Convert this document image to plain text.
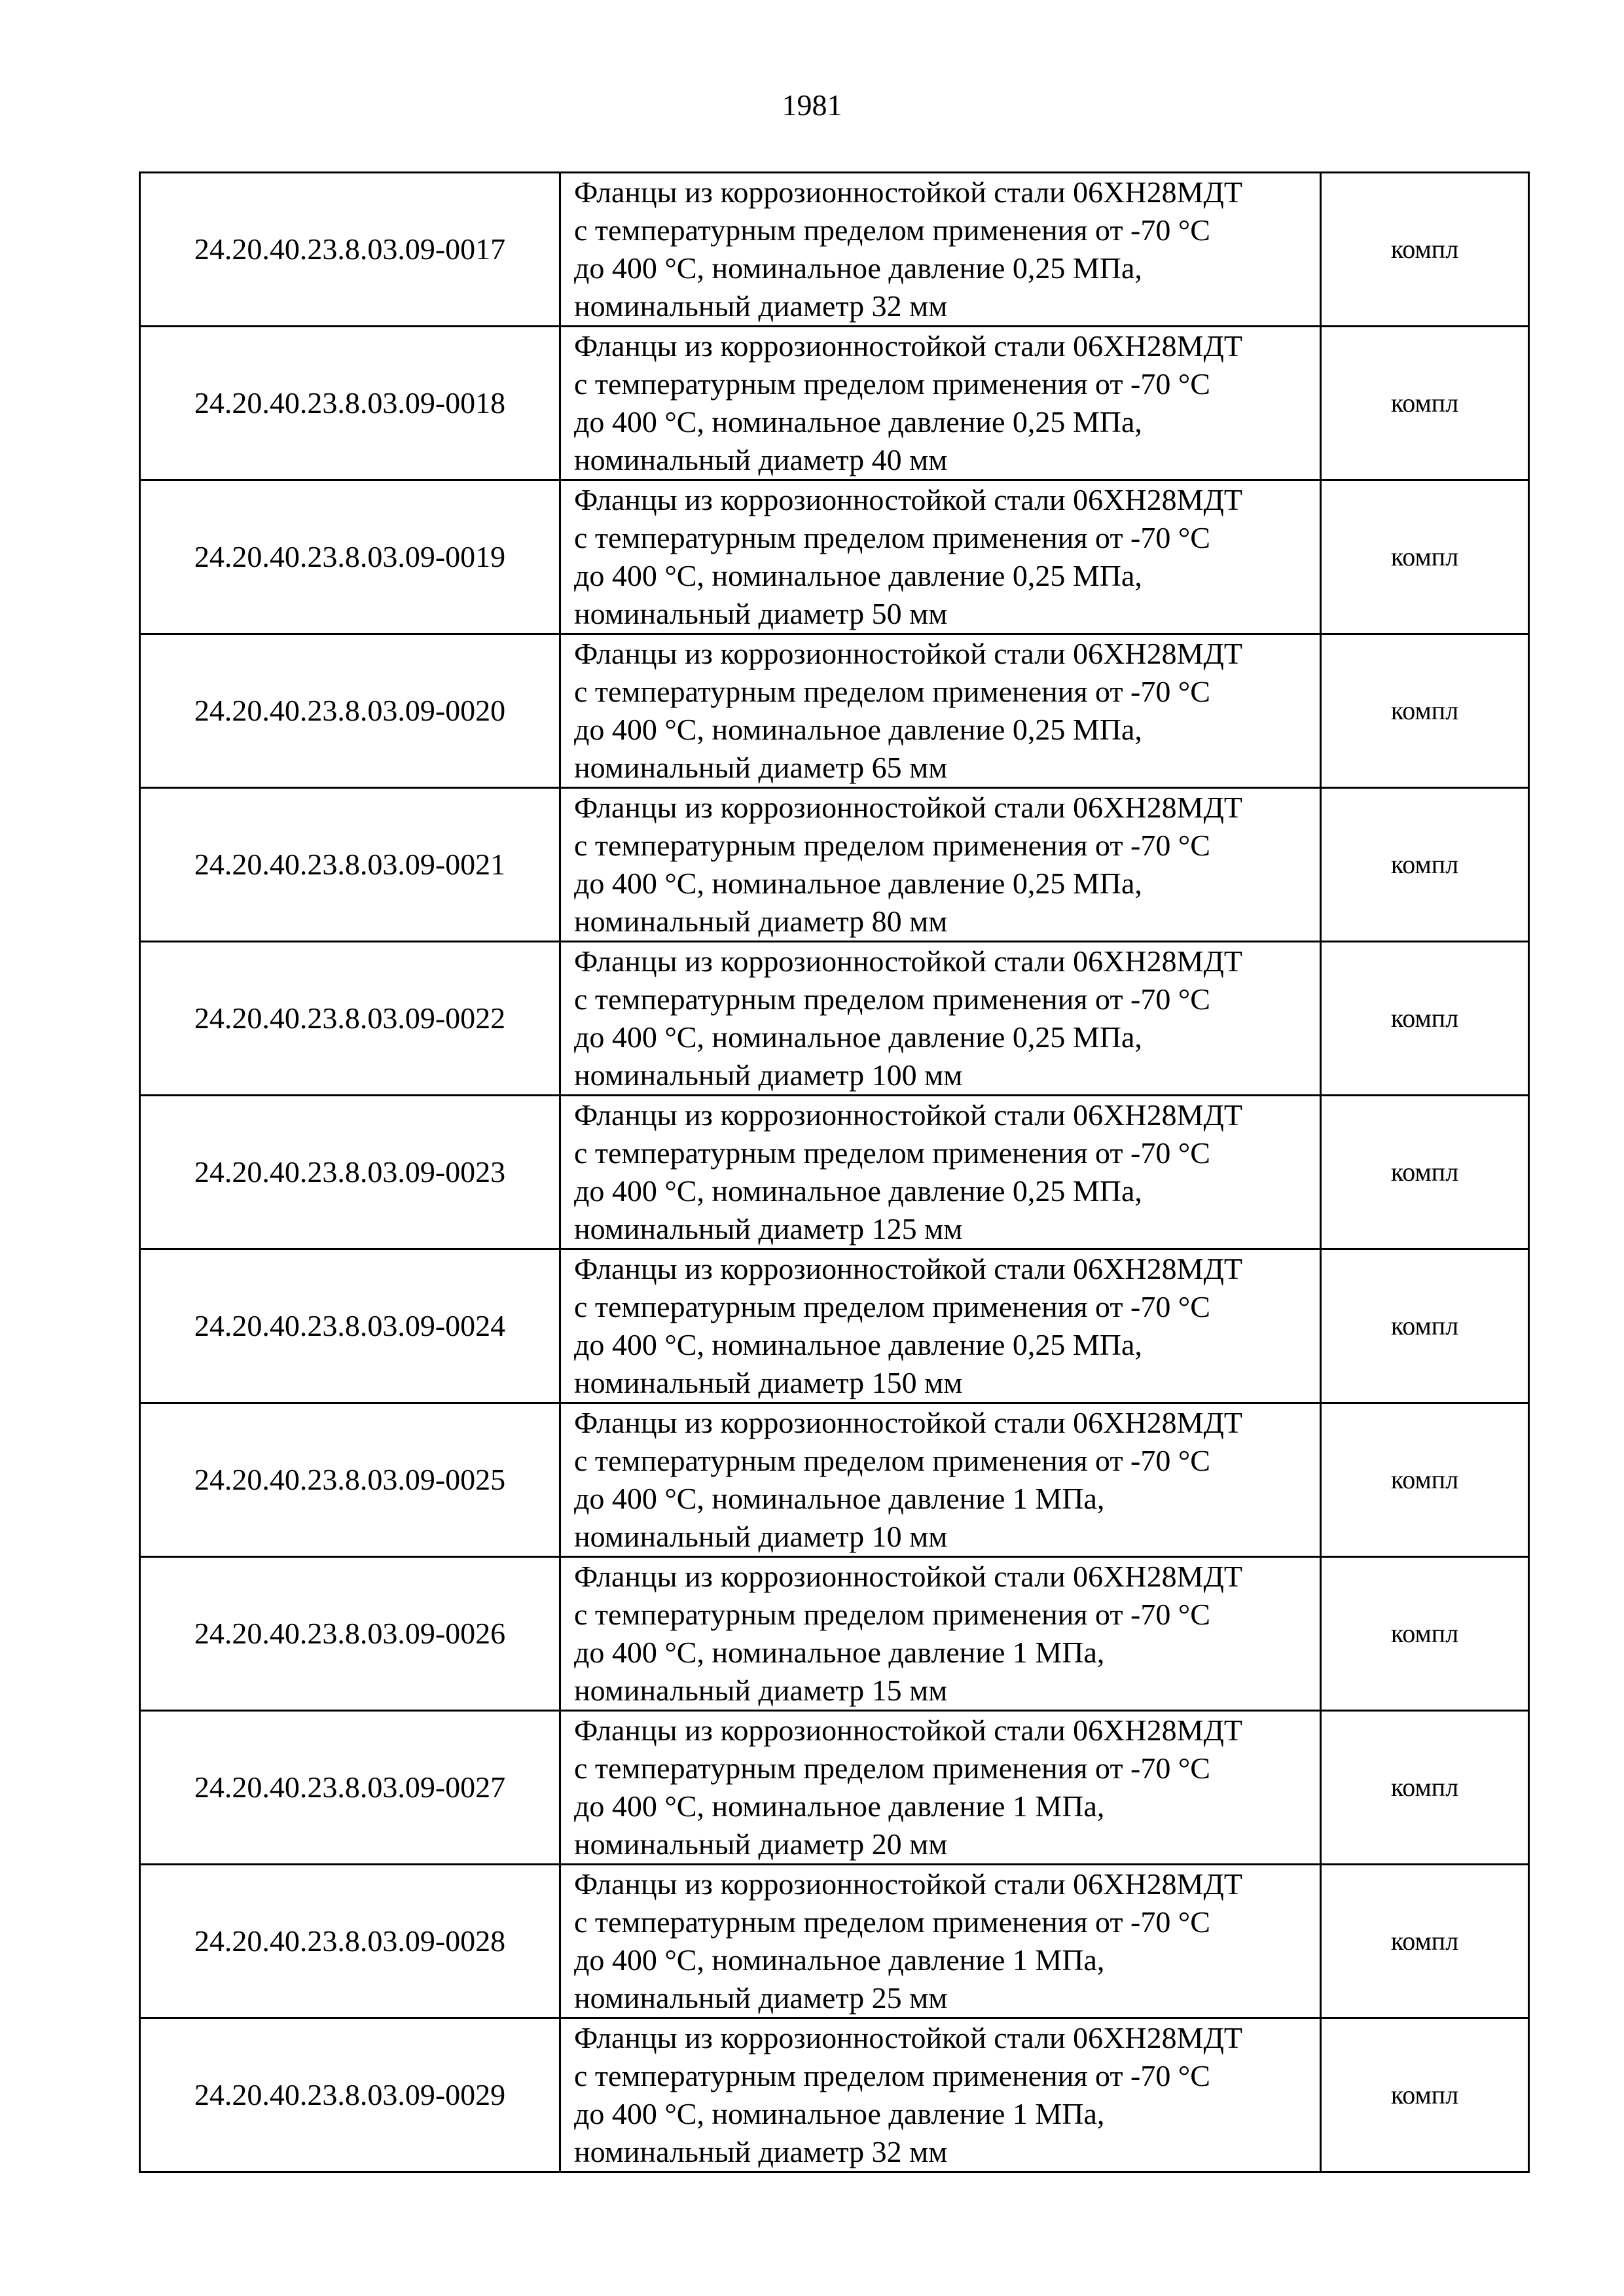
1981
24.20.40.23.8.03.09-0017	Фланцы из коррозионностойкой стали 06ХН28МДТ
с температурным пределом применения от -70 °C
до 400 °C, номинальное давление 0,25 МПа,
номинальный диаметр 32 мм	компл
24.20.40.23.8.03.09-0018	Фланцы из коррозионностойкой стали 06ХН28МДТ
с температурным пределом применения от -70 °C
до 400 °C, номинальное давление 0,25 МПа,
номинальный диаметр 40 мм	компл
24.20.40.23.8.03.09-0019	Фланцы из коррозионностойкой стали 06ХН28МДТ
с температурным пределом применения от -70 °C
до 400 °C, номинальное давление 0,25 МПа,
номинальный диаметр 50 мм	компл
24.20.40.23.8.03.09-0020	Фланцы из коррозионностойкой стали 06ХН28МДТ
с температурным пределом применения от -70 °C
до 400 °C, номинальное давление 0,25 МПа,
номинальный диаметр 65 мм	компл
24.20.40.23.8.03.09-0021	Фланцы из коррозионностойкой стали 06ХН28МДТ
с температурным пределом применения от -70 °C
до 400 °C, номинальное давление 0,25 МПа,
номинальный диаметр 80 мм	компл
24.20.40.23.8.03.09-0022	Фланцы из коррозионностойкой стали 06ХН28МДТ
с температурным пределом применения от -70 °C
до 400 °C, номинальное давление 0,25 МПа,
номинальный диаметр 100 мм	компл
24.20.40.23.8.03.09-0023	Фланцы из коррозионностойкой стали 06ХН28МДТ
с температурным пределом применения от -70 °C
до 400 °C, номинальное давление 0,25 МПа,
номинальный диаметр 125 мм	компл
24.20.40.23.8.03.09-0024	Фланцы из коррозионностойкой стали 06ХН28МДТ
с температурным пределом применения от -70 °C
до 400 °C, номинальное давление 0,25 МПа,
номинальный диаметр 150 мм	компл
24.20.40.23.8.03.09-0025	Фланцы из коррозионностойкой стали 06ХН28МДТ
с температурным пределом применения от -70 °C
до 400 °C, номинальное давление 1 МПа,
номинальный диаметр 10 мм	компл
24.20.40.23.8.03.09-0026	Фланцы из коррозионностойкой стали 06ХН28МДТ
с температурным пределом применения от -70 °C
до 400 °C, номинальное давление 1 МПа,
номинальный диаметр 15 мм	компл
24.20.40.23.8.03.09-0027	Фланцы из коррозионностойкой стали 06ХН28МДТ
с температурным пределом применения от -70 °C
до 400 °C, номинальное давление 1 МПа,
номинальный диаметр 20 мм	компл
24.20.40.23.8.03.09-0028	Фланцы из коррозионностойкой стали 06ХН28МДТ
с температурным пределом применения от -70 °C
до 400 °C, номинальное давление 1 МПа,
номинальный диаметр 25 мм	компл
24.20.40.23.8.03.09-0029	Фланцы из коррозионностойкой стали 06ХН28МДТ
с температурным пределом применения от -70 °C
до 400 °C, номинальное давление 1 МПа,
номинальный диаметр 32 мм	компл
